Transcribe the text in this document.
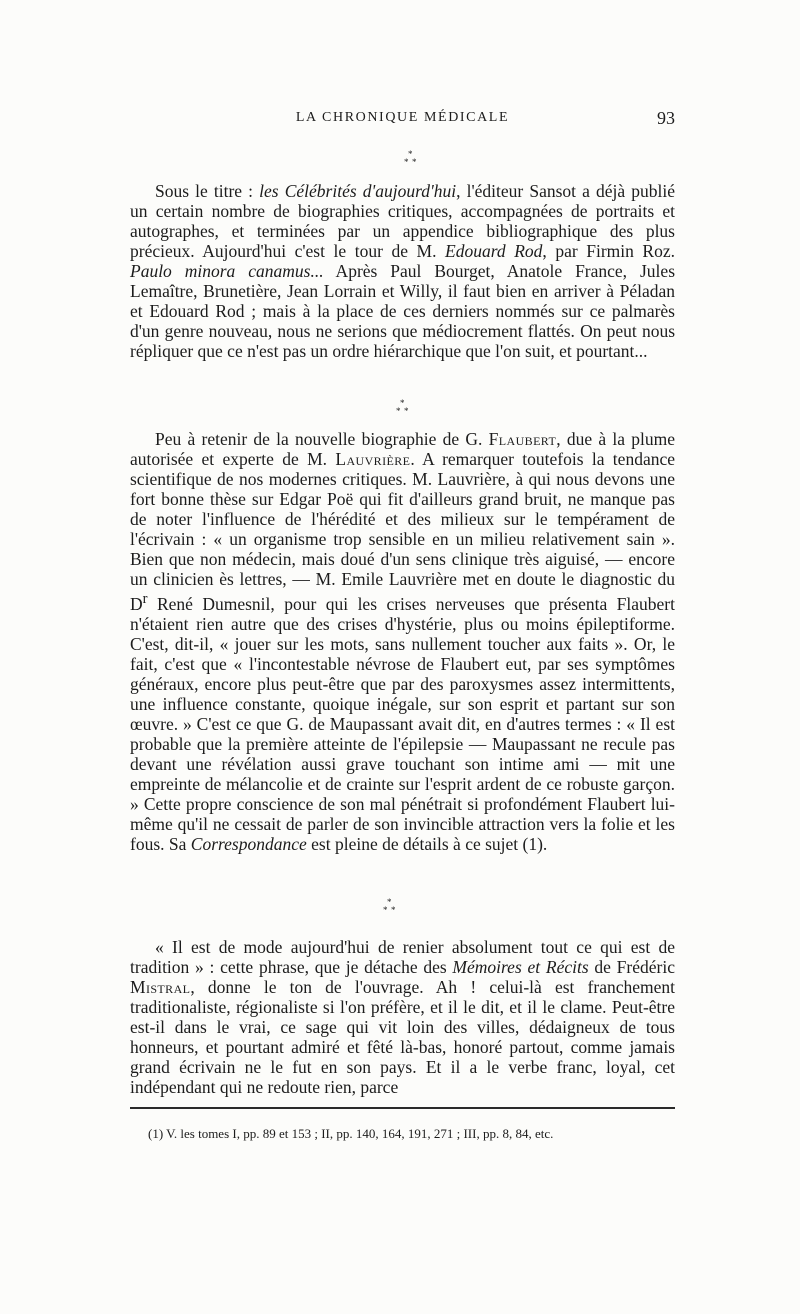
LA CHRONIQUE MÉDICALE	93
*
* *

Sous le titre : les Célébrités d'aujourd'hui, l'éditeur Sansot a déjà publié un certain nombre de biographies critiques, accompagnées de portraits et autographes, et terminées par un appendice bibliographique des plus précieux. Aujourd'hui c'est le tour de M. Edouard Rod, par Firmin Roz. Paulo minora canamus... Après Paul Bourget, Anatole France, Jules Lemaître, Brunetière, Jean Lorrain et Willy, il faut bien en arriver à Péladan et Edouard Rod ; mais à la place de ces derniers nommés sur ce palmarès d'un genre nouveau, nous ne serions que médiocrement flattés. On peut nous répliquer que ce n'est pas un ordre hiérarchique que l'on suit, et pourtant...

*
* *

Peu à retenir de la nouvelle biographie de G. Flaubert, due à la plume autorisée et experte de M. Lauvrière. A remarquer toutefois la tendance scientifique de nos modernes critiques. M. Lauvrière, à qui nous devons une fort bonne thèse sur Edgar Poë qui fit d'ailleurs grand bruit, ne manque pas de noter l'influence de l'hérédité et des milieux sur le tempérament de l'écrivain : « un organisme trop sensible en un milieu relativement sain ». Bien que non médecin, mais doué d'un sens clinique très aiguisé, — encore un clinicien ès lettres, — M. Emile Lauvrière met en doute le diagnostic du $D^r$ René Dumesnil, pour qui les crises nerveuses que présenta Flaubert n'étaient rien autre que des crises d'hystérie, plus ou moins épileptiforme. C'est, dit-il, « jouer sur les mots, sans nullement toucher aux faits ». Or, le fait, c'est que « l'incontestable névrose de Flaubert eut, par ses symptômes généraux, encore plus peut-être que par des paroxysmes assez intermittents, une influence constante, quoique inégale, sur son esprit et partant sur son œuvre. » C'est ce que G. de Maupassant avait dit, en d'autres termes : « Il est probable que la première atteinte de l'épilepsie — Maupassant ne recule pas devant une révélation aussi grave touchant son intime ami — mit une empreinte de mélancolie et de crainte sur l'esprit ardent de ce robuste garçon. » Cette propre conscience de son mal pénétrait si profondément Flaubert lui-même qu'il ne cessait de parler de son invincible attraction vers la folie et les fous. Sa Correspondance est pleine de détails à ce sujet (1).

*
* *

« Il est de mode aujourd'hui de renier absolument tout ce qui est de tradition » : cette phrase, que je détache des Mémoires et Récits de Frédéric Mistral, donne le ton de l'ouvrage. Ah ! celui-là est franchement traditionaliste, régionaliste si l'on préfère, et il le dit, et il le clame. Peut-être est-il dans le vrai, ce sage qui vit loin des villes, dédaigneux de tous honneurs, et pourtant admiré et fêté là-bas, honoré partout, comme jamais grand écrivain ne le fut en son pays. Et il a le verbe franc, loyal, cet indépendant qui ne redoute rien, parce

(1) V. les tomes I, pp. 89 et 153 ; II, pp. 140, 164, 191, 271 ; III, pp. 8, 84, etc.
